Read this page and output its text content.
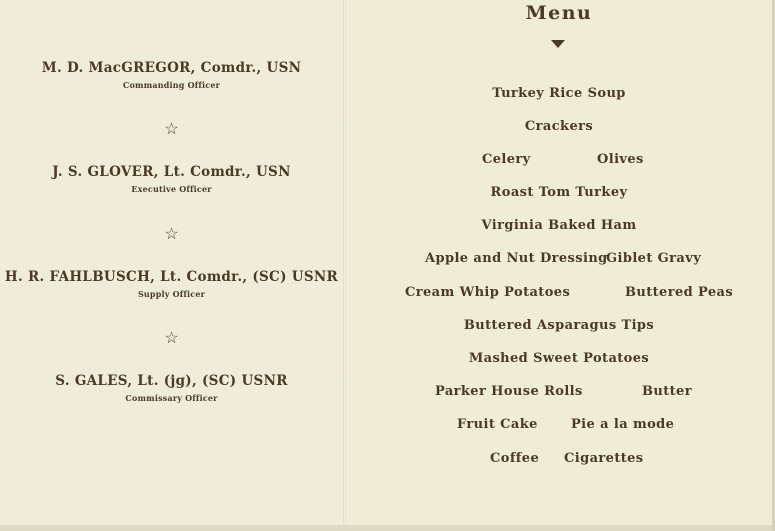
M. D. MacGREGOR, Comdr., USN
Commanding Officer
☆
J. S. GLOVER, Lt. Comdr., USN
Executive Officer
☆
H. R. FAHLBUSCH, Lt. Comdr., (SC) USNR
Supply Officer
☆
S. GALES, Lt. (jg), (SC) USNR
Commissary Officer
Menu
Turkey Rice Soup
Crackers
Celery	Olives
Roast Tom Turkey
Virginia Baked Ham
Apple and Nut Dressing
Giblet Gravy
Cream Whip Potatoes	Buttered Peas
Buttered Asparagus Tips
Mashed Sweet Potatoes
Parker House Rolls	Butter
Fruit Cake	Pie a la mode
Coffee Cigarettes
